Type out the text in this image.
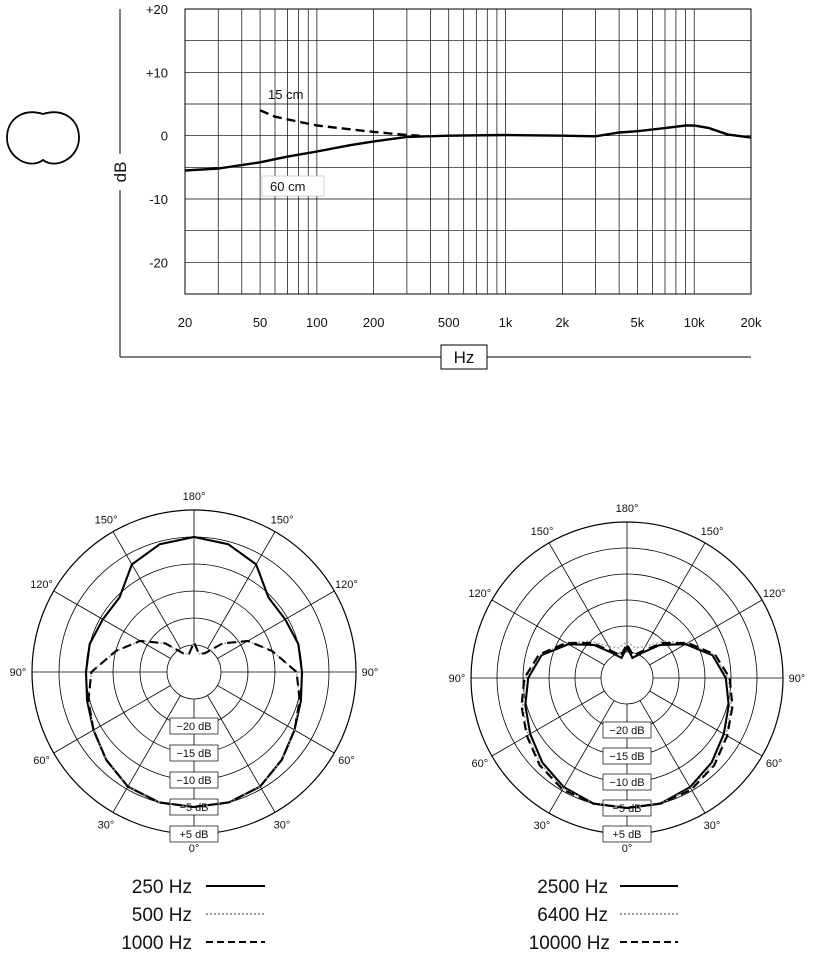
+20
+10
0
-10
-20
20	50	100	200	500	1k	2k	5k	10k	20k
15 cm
60 cm
dB
Hz
180°
150°
150°
120°
120°
90°
90°
60°
60°
30°
30°
0°
−20 dB
−15 dB
−10 dB
−5 dB
+5 dB
180°
150°
150°
120°
120°
90°
90°
60°
60°
30°
30°
0°
−20 dB
−15 dB
−10 dB
−5 dB
+5 dB
250 Hz
500 Hz
1000 Hz
2500 Hz
6400 Hz
10000 Hz
